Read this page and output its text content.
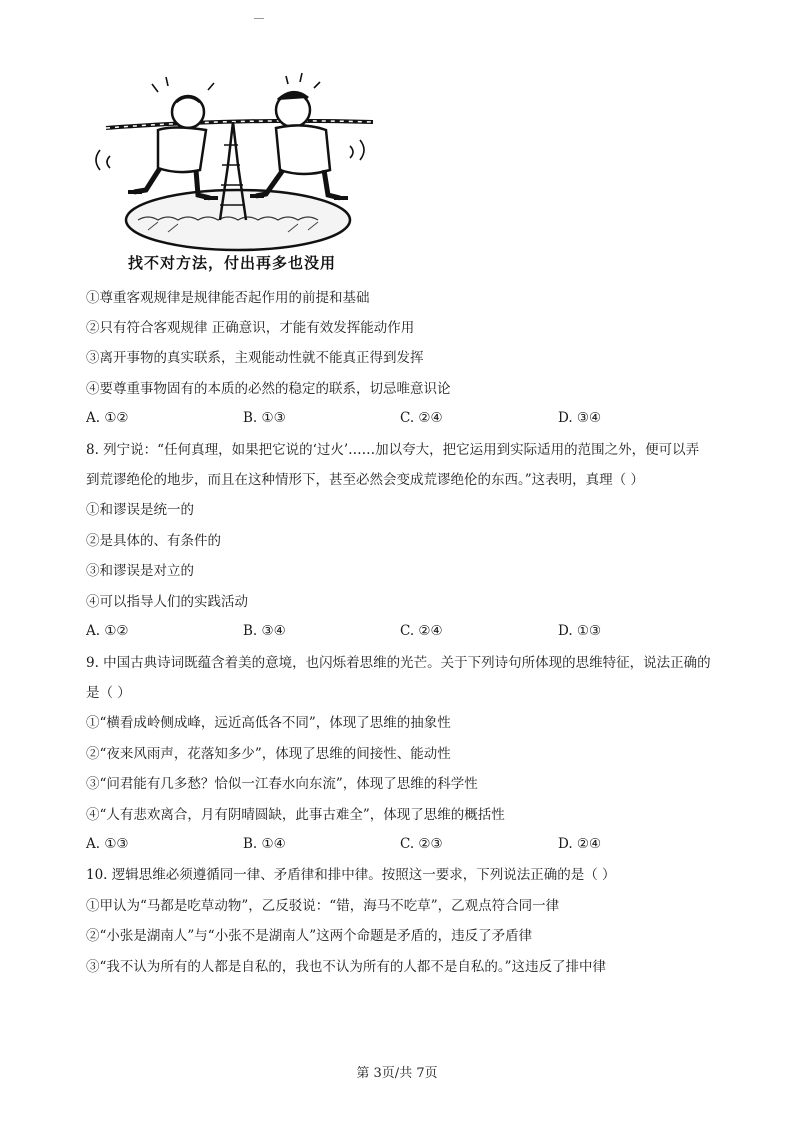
找不对方法，付出再多也没用
①尊重客观规律是规律能否起作用的前提和基础
②只有符合客观规律 正确意识，才能有效发挥能动作用
③离开事物的真实联系，主观能动性就不能真正得到发挥
④要尊重事物固有的本质的必然的稳定的联系，切忌唯意识论
A. ①②	B. ①③	C. ②④	D. ③④
8. 列宁说：“任何真理，如果把它说的‘过火’……加以夸大，把它运用到实际适用的范围之外，便可以弄
到荒谬绝伦的地步，而且在这种情形下，甚至必然会变成荒谬绝伦的东西。”这表明，真理（ ）
①和谬误是统一的
②是具体的、有条件的
③和谬误是对立的
④可以指导人们的实践活动
A. ①②	B. ③④	C. ②④	D. ①③
9. 中国古典诗词既蕴含着美的意境，也闪烁着思维的光芒。关于下列诗句所体现的思维特征，说法正确的
是（ ）
①“横看成岭侧成峰，远近高低各不同”，体现了思维的抽象性
②“夜来风雨声，花落知多少”，体现了思维的间接性、能动性
③“问君能有几多愁？恰似一江春水向东流”，体现了思维的科学性
④“人有悲欢离合，月有阴晴圆缺，此事古难全”，体现了思维的概括性
A. ①③	B. ①④	C. ②③	D. ②④
10. 逻辑思维必须遵循同一律、矛盾律和排中律。按照这一要求，下列说法正确的是（ ）
①甲认为“马都是吃草动物”，乙反驳说：“错，海马不吃草”，乙观点符合同一律
②“小张是湖南人”与“小张不是湖南人”这两个命题是矛盾的，违反了矛盾律
③“我不认为所有的人都是自私的，我也不认为所有的人都不是自私的。”这违反了排中律
第 3页/共 7页
